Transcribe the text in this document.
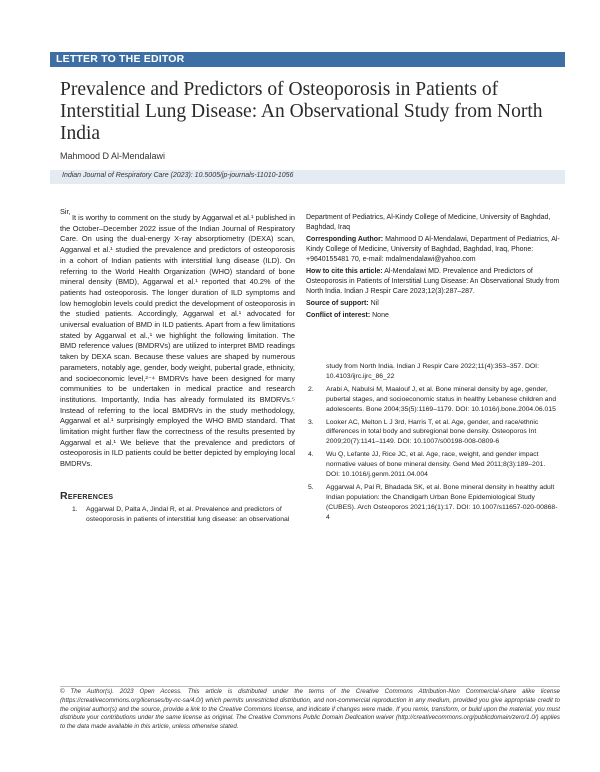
LETTER TO THE EDITOR
Prevalence and Predictors of Osteoporosis in Patients of Interstitial Lung Disease: An Observational Study from North India
Mahmood D Al-Mendalawi
Indian Journal of Respiratory Care (2023): 10.5005/jp-journals-11010-1056
Sir,

It is worthy to comment on the study by Aggarwal et al.¹ published in the October–December 2022 issue of the Indian Journal of Respiratory Care. On using the dual-energy X-ray absorptiometry (DEXA) scan, Aggarwal et al.¹ studied the prevalence and predictors of osteoporosis in a cohort of Indian patients with interstitial lung disease (ILD). On referring to the World Health Organization (WHO) standard of bone mineral density (BMD), Aggarwal et al.¹ reported that 40.2% of the patients had osteoporosis. The longer duration of ILD symptoms and low hemoglobin levels could predict the development of osteoporosis in the studied patients. Accordingly, Aggarwal et al.¹ advocated for universal evaluation of BMD in ILD patients. Apart from a few limitations stated by Aggarwal et al.,¹ we highlight the following limitation. The BMD reference values (BMDRVs) are utilized to interpret BMD readings taken by DEXA scan. Because these values are shaped by numerous parameters, notably age, gender, body weight, pubertal grade, ethnicity, and socioeconomic level,²⁻⁴ BMDRVs have been designed for many communities to be undertaken in medical practice and research institutions. Importantly, India has already formulated its BMDRVs.⁵ Instead of referring to the local BMDRVs in the study methodology, Aggarwal et al.¹ surprisingly employed the WHO BMD standard. That limitation might further flaw the correctness of the results presented by Aggarwal et al.¹ We believe that the prevalence and predictors of osteoporosis in ILD patients could be better depicted by employing local BMDRVs.

References
1. Aggarwal D, Palta A, Jindal R, et al. Prevalence and predictors of osteoporosis in patients of interstitial lung disease: an observational

Department of Pediatrics, Al-Kindy College of Medicine, University of Baghdad, Baghdad, Iraq

Corresponding Author: Mahmood D Al-Mendalawi, Department of Pediatrics, Al-Kindy College of Medicine, University of Baghdad, Baghdad, Iraq, Phone: +9640155481 70, e-mail: mdalmendalawi@yahoo.com

How to cite this article: Al-Mendalawi MD. Prevalence and Predictors of Osteoporosis in Patients of Interstitial Lung Disease: An Observational Study from North India. Indian J Respir Care 2023;12(3):287–287.

Source of support: Nil

Conflict of interest: None

study from North India. Indian J Respir Care 2022;11(4):353–357. DOI: 10.4103/ijrc.ijrc_86_22
2. Arabi A, Nabulsi M, Maalouf J, et al. Bone mineral density by age, gender, pubertal stages, and socioeconomic status in healthy Lebanese children and adolescents. Bone 2004;35(5):1169–1179. DOI: 10.1016/j.bone.2004.06.015
3. Looker AC, Melton L J 3rd, Harris T, et al. Age, gender, and race/ethnic differences in total body and subregional bone density. Osteoporos Int 2009;20(7):1141–1149. DOI: 10.1007/s00198-008-0809-6
4. Wu Q, Lefante JJ, Rice JC, et al. Age, race, weight, and gender impact normative values of bone mineral density. Gend Med 2011;8(3):189–201. DOI: 10.1016/j.genm.2011.04.004
5. Aggarwal A, Pal R, Bhadada SK, et al. Bone mineral density in healthy adult Indian population: the Chandigarh Urban Bone Epidemiological Study (CUBES). Arch Osteoporos 2021;16(1):17. DOI: 10.1007/s11657-020-00868-4
© The Author(s). 2023 Open Access. This article is distributed under the terms of the Creative Commons Attribution-Non Commercial-share alike license (https://creativecommons.org/licenses/by-nc-sa/4.0/) which permits unrestricted distribution, and non-commercial reproduction in any medium, provided you give appropriate credit to the original author(s) and the source, provide a link to the Creative Commons license, and indicate if changes were made. If you remix, transform, or build upon the material, you must distribute your contributions under the same license as original. The Creative Commons Public Domain Dedication waiver (http://creativecommons.org/publicdomain/zero/1.0/) applies to the data made available in this article, unless otherwise stated.
